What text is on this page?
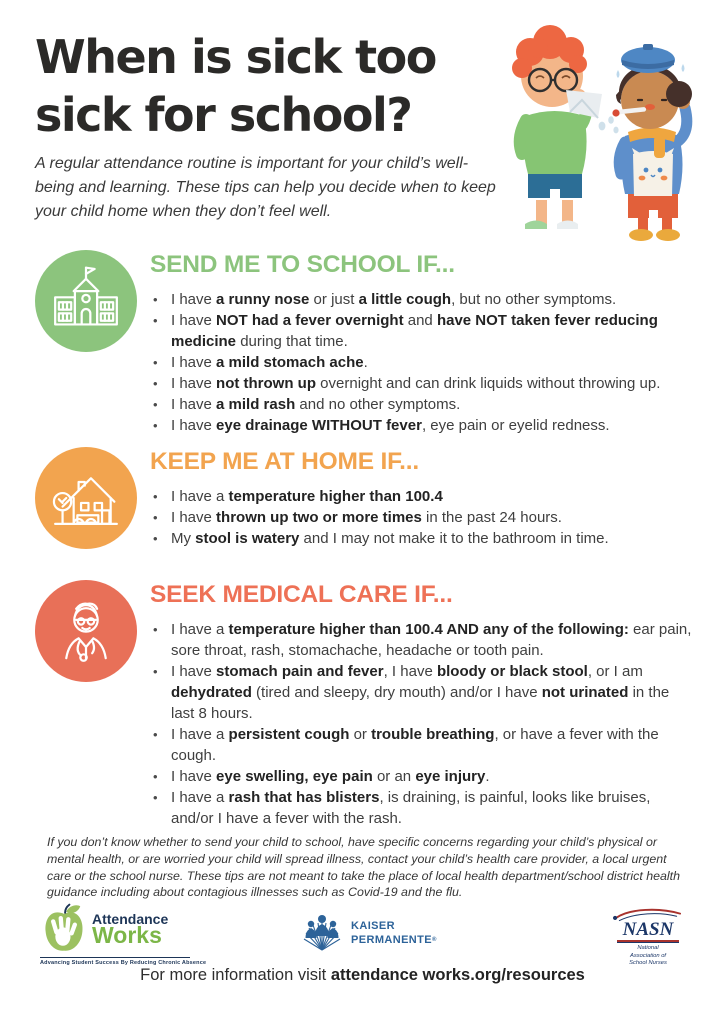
When is sick too
sick for school?
A regular attendance routine is important for your child’s well-being and learning. These tips can help you decide when to keep your child home when they don’t feel well.
SEND ME TO SCHOOL IF...
• I have a runny nose or just a little cough, but no other symptoms.
• I have NOT had a fever overnight and have NOT taken fever reducing medicine during that time.
• I have a mild stomach ache.
• I have not thrown up overnight and can drink liquids without throwing up.
• I have a mild rash and no other symptoms.
• I have eye drainage WITHOUT fever, eye pain or eyelid redness.
KEEP ME AT HOME IF...
• I have a temperature higher than 100.4
• I have thrown up two or more times in the past 24 hours.
• My stool is watery and I may not make it to the bathroom in time.
SEEK MEDICAL CARE IF...
• I have a temperature higher than 100.4 AND any of the following: ear pain, sore throat, rash, stomachache, headache or tooth pain.
• I have stomach pain and fever, I have bloody or black stool, or I am dehydrated (tired and sleepy, dry mouth) and/or I have not urinated in the last 8 hours.
• I have a persistent cough or trouble breathing, or have a fever with the cough.
• I have eye swelling, eye pain or an eye injury.
• I have a rash that has blisters, is draining, is painful, looks like bruises, and/or I have a fever with the rash.
If you don’t know whether to send your child to school, have specific concerns regarding your child’s physical or mental health, or are worried your child will spread illness, contact your child’s health care provider, a local urgent care or the school nurse. These tips are not meant to take the place of local health department/school district health guidance including about contagious illnesses such as Covid-19 and the flu.
Attendance
Works
Advancing Student Success By Reducing Chronic Absence
KAISER
PERMANENTE®	NASN
National
Association of
School Nurses
For more information visit attendance works.org/resources
